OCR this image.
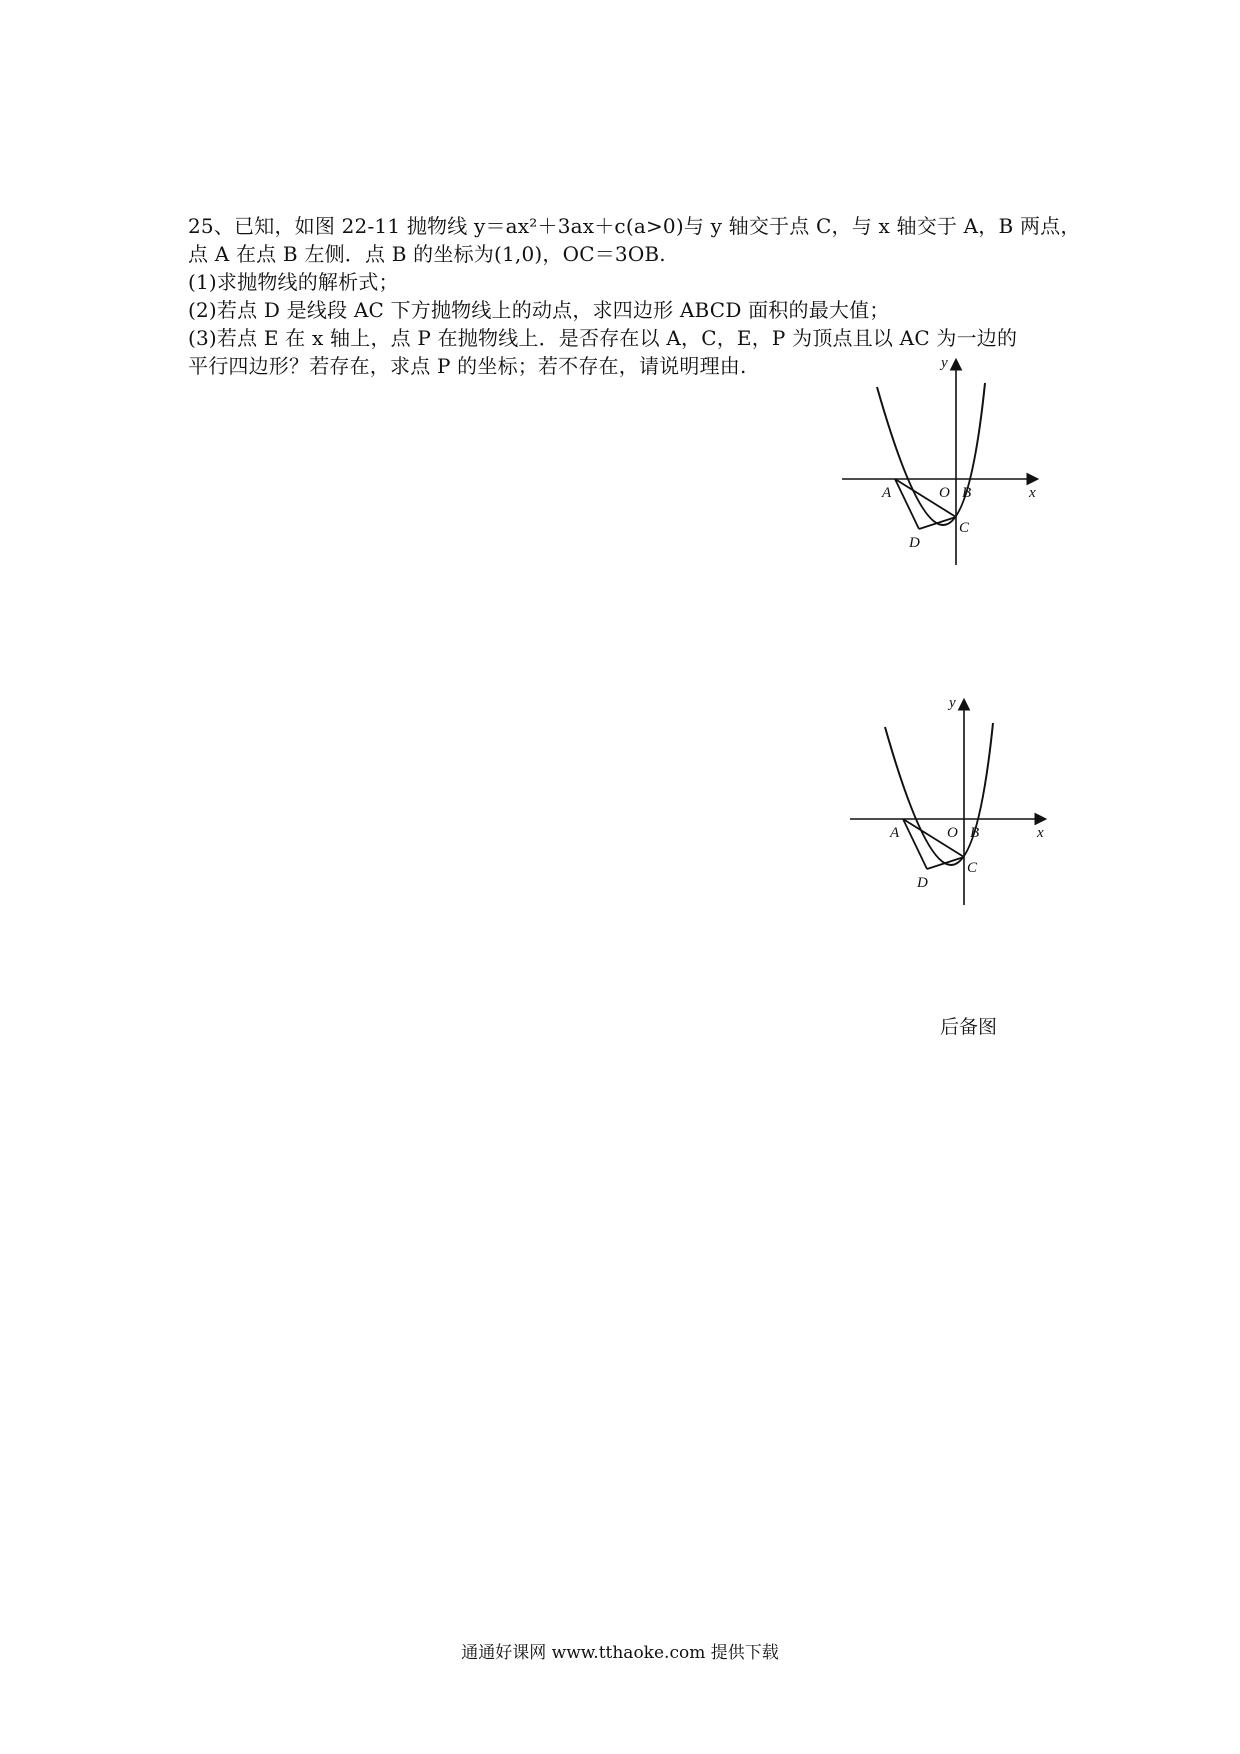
25、已知，如图 22-11 抛物线 y＝ax²＋3ax＋c(a>0)与 y 轴交于点 C，与 x 轴交于 A，B 两点，
点 A 在点 B 左侧．点 B 的坐标为(1,0)，OC＝3OB.
(1)求抛物线的解析式；
(2)若点 D 是线段 AC 下方抛物线上的动点，求四边形 ABCD 面积的最大值；
(3)若点 E 在 x 轴上，点 P 在抛物线上．是否存在以 A，C，E，P 为顶点且以 AC 为一边的
平行四边形？若存在，求点 P 的坐标；若不存在，请说明理由.	y
x
O
A	B
C
D
y
x
O
A	B
C
D
后备图
通通好课网 www.tthaoke.com 提供下载
